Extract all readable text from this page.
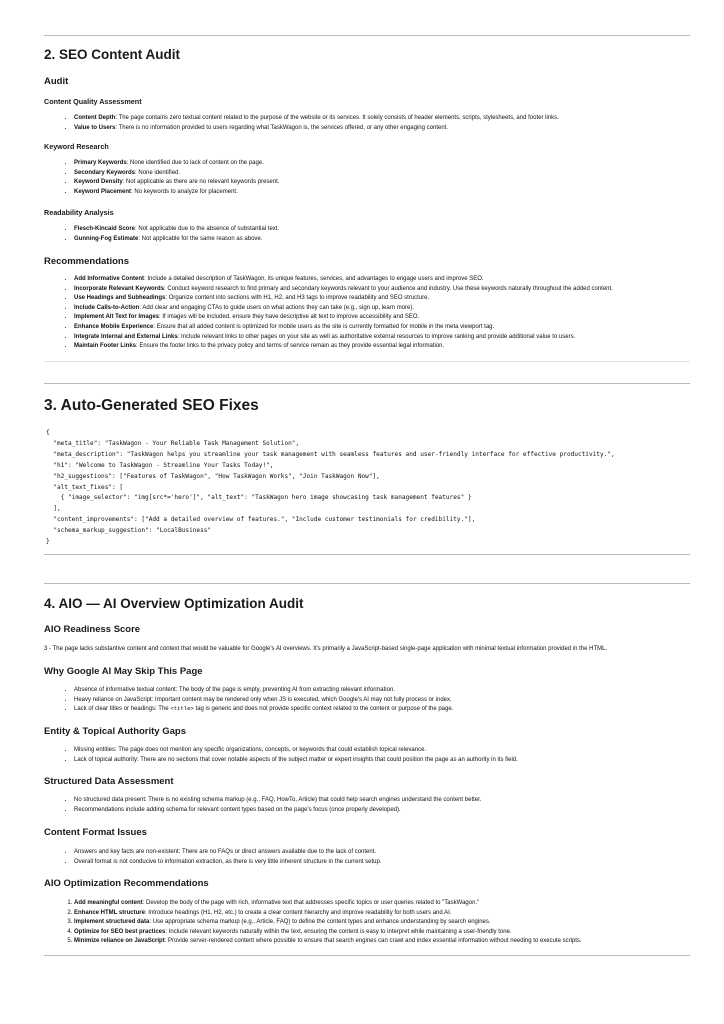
2. SEO Content Audit
Audit
Content Quality Assessment
• Content Depth: The page contains zero textual content related to the purpose of the website or its services. It solely consists of header elements, scripts, stylesheets, and footer links.
• Value to Users: There is no information provided to users regarding what TaskWagon is, the services offered, or any other engaging content.
Keyword Research
• Primary Keywords: None identified due to lack of content on the page.
• Secondary Keywords: None identified.
• Keyword Density: Not applicable as there are no relevant keywords present.
• Keyword Placement: No keywords to analyze for placement.
Readability Analysis
• Flesch-Kincaid Score: Not applicable due to the absence of substantial text.
• Gunning-Fog Estimate: Not applicable for the same reason as above.
Recommendations
• Add Informative Content: Include a detailed description of TaskWagon, its unique features, services, and advantages to engage users and improve SEO.
• Incorporate Relevant Keywords: Conduct keyword research to find primary and secondary keywords relevant to your audience and industry. Use these keywords naturally throughout the added content.
• Use Headings and Subheadings: Organize content into sections with H1, H2, and H3 tags to improve readability and SEO structure.
• Include Calls-to-Action: Add clear and engaging CTAs to guide users on what actions they can take (e.g., sign up, learn more).
• Implement Alt Text for Images: If images will be included, ensure they have descriptive alt text to improve accessibility and SEO.
• Enhance Mobile Experience: Ensure that all added content is optimized for mobile users as the site is currently formatted for mobile in the meta viewport tag.
• Integrate Internal and External Links: Include relevant links to other pages on your site as well as authoritative external resources to improve ranking and provide additional value to users.
• Maintain Footer Links: Ensure the footer links to the privacy policy and terms of service remain as they provide essential legal information.
3. Auto-Generated SEO Fixes
{
"meta_title": "TaskWagon - Your Reliable Task Management Solution",
"meta_description": "TaskWagon helps you streamline your task management with seamless features and user-friendly interface for effective productivity.",
"h1": "Welcome to TaskWagon - Streamline Your Tasks Today!",
"h2_suggestions": ["Features of TaskWagon", "How TaskWagon Works", "Join TaskWagon Now"],
"alt_text_fixes": [
{ "image_selector": "img[src*='hero']", "alt_text": "TaskWagon hero image showcasing task management features" }
],
"content_improvements": ["Add a detailed overview of features.", "Include customer testimonials for credibility."],
"schema_markup_suggestion": "LocalBusiness"
}
4. AIO — AI Overview Optimization Audit
AIO Readiness Score

3 - The page lacks substantive content and context that would be valuable for Google's AI overviews. It's primarily a JavaScript-based single-page application with minimal textual information provided in the HTML.

Why Google AI May Skip This Page
• Absence of informative textual content: The body of the page is empty, preventing AI from extracting relevant information.
• Heavy reliance on JavaScript: Important content may be rendered only when JS is executed, which Google's AI may not fully process or index.
• Lack of clear titles or headings: The <title> tag is generic and does not provide specific context related to the content or purpose of the page.
Entity & Topical Authority Gaps
• Missing entities: The page does not mention any specific organizations, concepts, or keywords that could establish topical relevance.
• Lack of topical authority: There are no sections that cover notable aspects of the subject matter or expert insights that could position the page as an authority in its field.
Structured Data Assessment
• No structured data present: There is no existing schema markup (e.g., FAQ, HowTo, Article) that could help search engines understand the content better.
• Recommendations include adding schema for relevant content types based on the page's focus (once properly developed).
Content Format Issues
• Answers and key facts are non-existent: There are no FAQs or direct answers available due to the lack of content.
• Overall format is not conducive to information extraction, as there is very little inherent structure in the current setup.
AIO Optimization Recommendations
1. Add meaningful content: Develop the body of the page with rich, informative text that addresses specific topics or user queries related to "TaskWagon."
2. Enhance HTML structure: Introduce headings (H1, H2, etc.) to create a clear content hierarchy and improve readability for both users and AI.
3. Implement structured data: Use appropriate schema markup (e.g., Article, FAQ) to define the content types and enhance understanding by search engines.
4. Optimize for SEO best practices: Include relevant keywords naturally within the text, ensuring the content is easy to interpret while maintaining a user-friendly tone.
5. Minimize reliance on JavaScript: Provide server-rendered content where possible to ensure that search engines can crawl and index essential information without needing to execute scripts.
